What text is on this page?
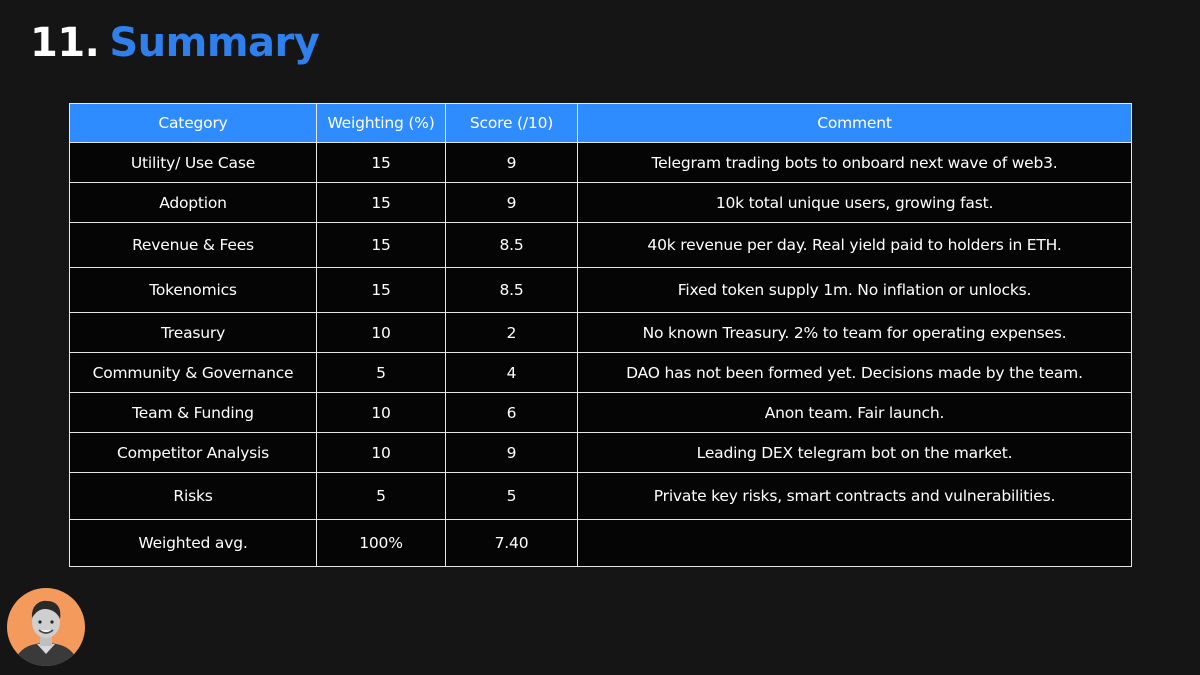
11. Summary
Category	Weighting (%)	Score (/10)	Comment
Utility/ Use Case	15	9	Telegram trading bots to onboard next wave of web3.
Adoption	15	9	10k total unique users, growing fast.
Revenue & Fees	15	8.5	40k revenue per day. Real yield paid to holders in ETH.
Tokenomics	15	8.5	Fixed token supply 1m. No inflation or unlocks.
Treasury	10	2	No known Treasury. 2% to team for operating expenses.
Community & Governance	5	4	DAO has not been formed yet. Decisions made by the team.
Team & Funding	10	6	Anon team. Fair launch.
Competitor Analysis	10	9	Leading DEX telegram bot on the market.
Risks	5	5	Private key risks, smart contracts and vulnerabilities.
Weighted avg.	100%	7.40	
